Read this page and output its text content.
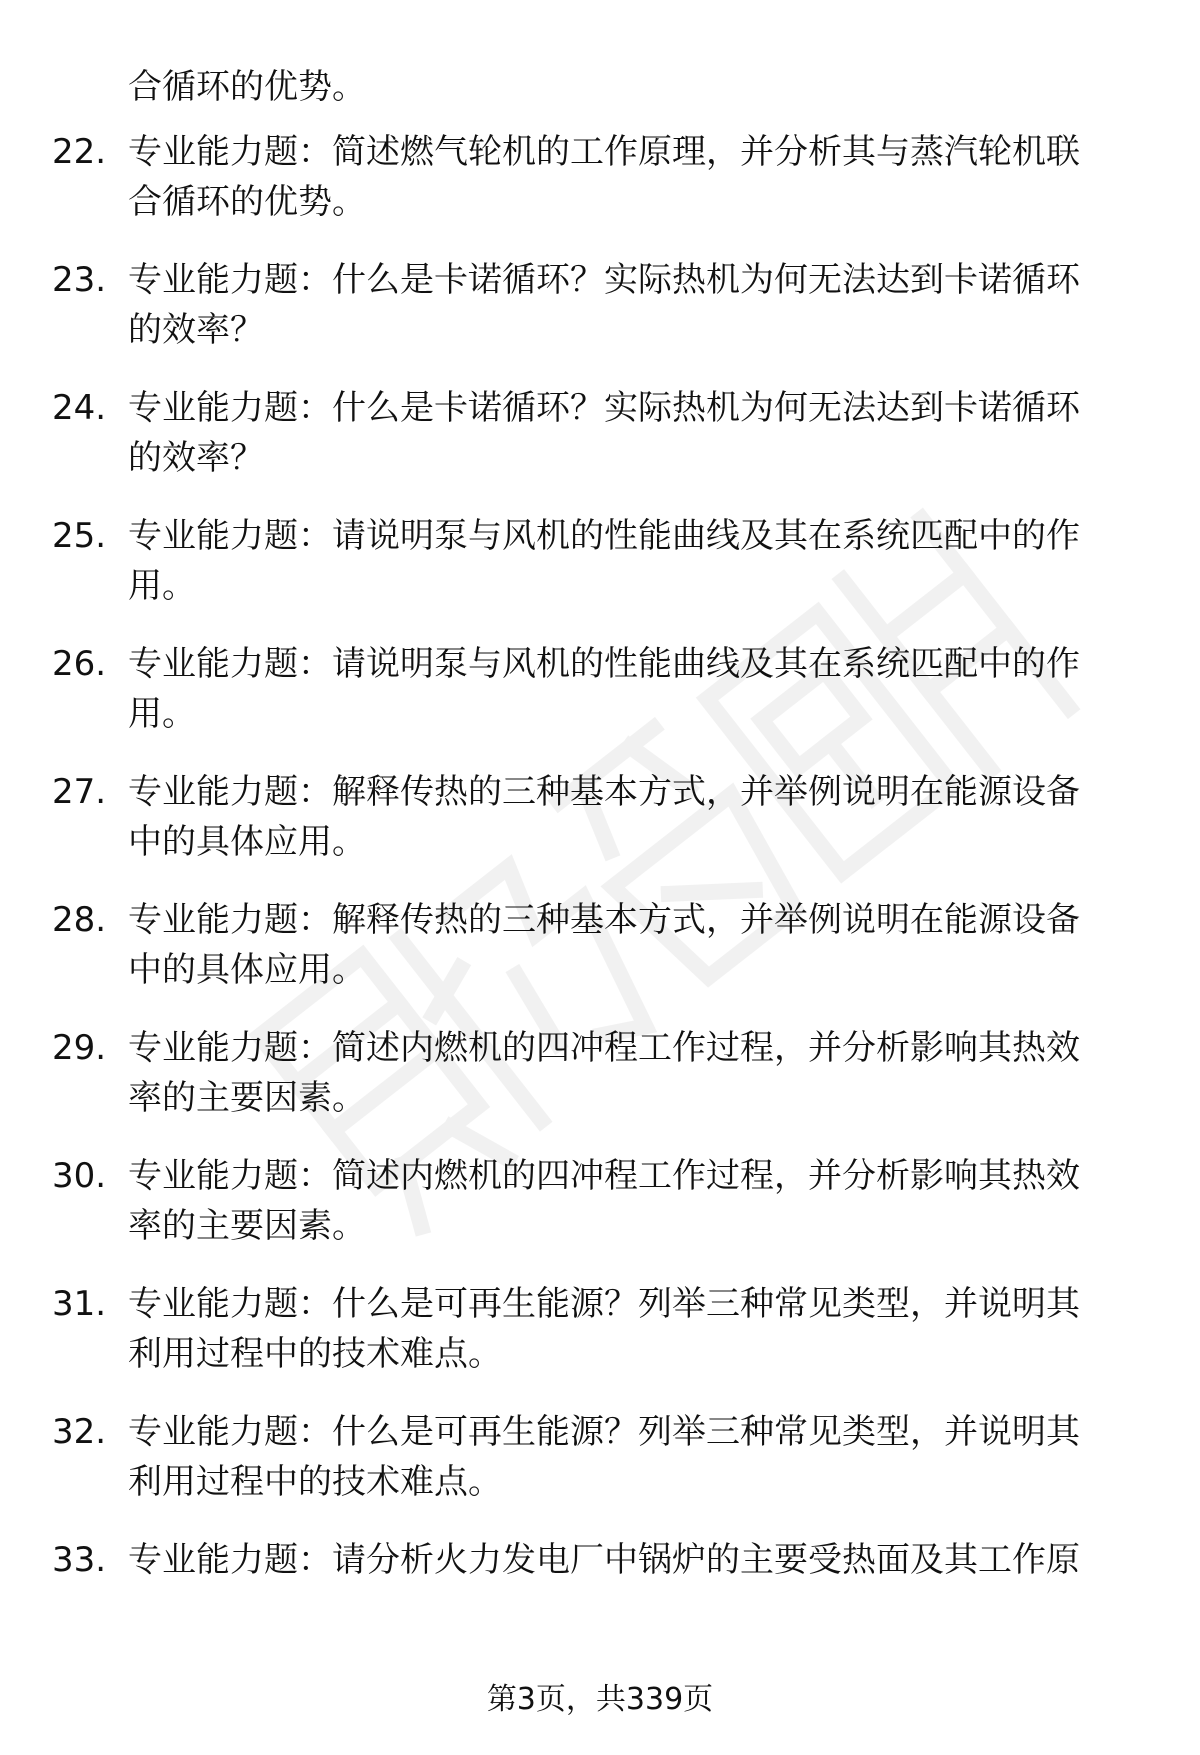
合循环的优势。
22. 专业能力题：简述燃气轮机的工作原理，并分析其与蒸汽轮机联
合循环的优势。
23. 专业能力题：什么是卡诺循环？实际热机为何无法达到卡诺循环
的效率？
24. 专业能力题：什么是卡诺循环？实际热机为何无法达到卡诺循环
的效率？
25. 专业能力题：请说明泵与风机的性能曲线及其在系统匹配中的作
用。
26. 专业能力题：请说明泵与风机的性能曲线及其在系统匹配中的作
用。
27. 专业能力题：解释传热的三种基本方式，并举例说明在能源设备
中的具体应用。
28. 专业能力题：解释传热的三种基本方式，并举例说明在能源设备
中的具体应用。
29. 专业能力题：简述内燃机的四冲程工作过程，并分析影响其热效
率的主要因素。
30. 专业能力题：简述内燃机的四冲程工作过程，并分析影响其热效
率的主要因素。
31. 专业能力题：什么是可再生能源？列举三种常见类型，并说明其
利用过程中的技术难点。
32. 专业能力题：什么是可再生能源？列举三种常见类型，并说明其
利用过程中的技术难点。
33. 专业能力题：请分析火力发电厂中锅炉的主要受热面及其工作原
第3页，共339页
